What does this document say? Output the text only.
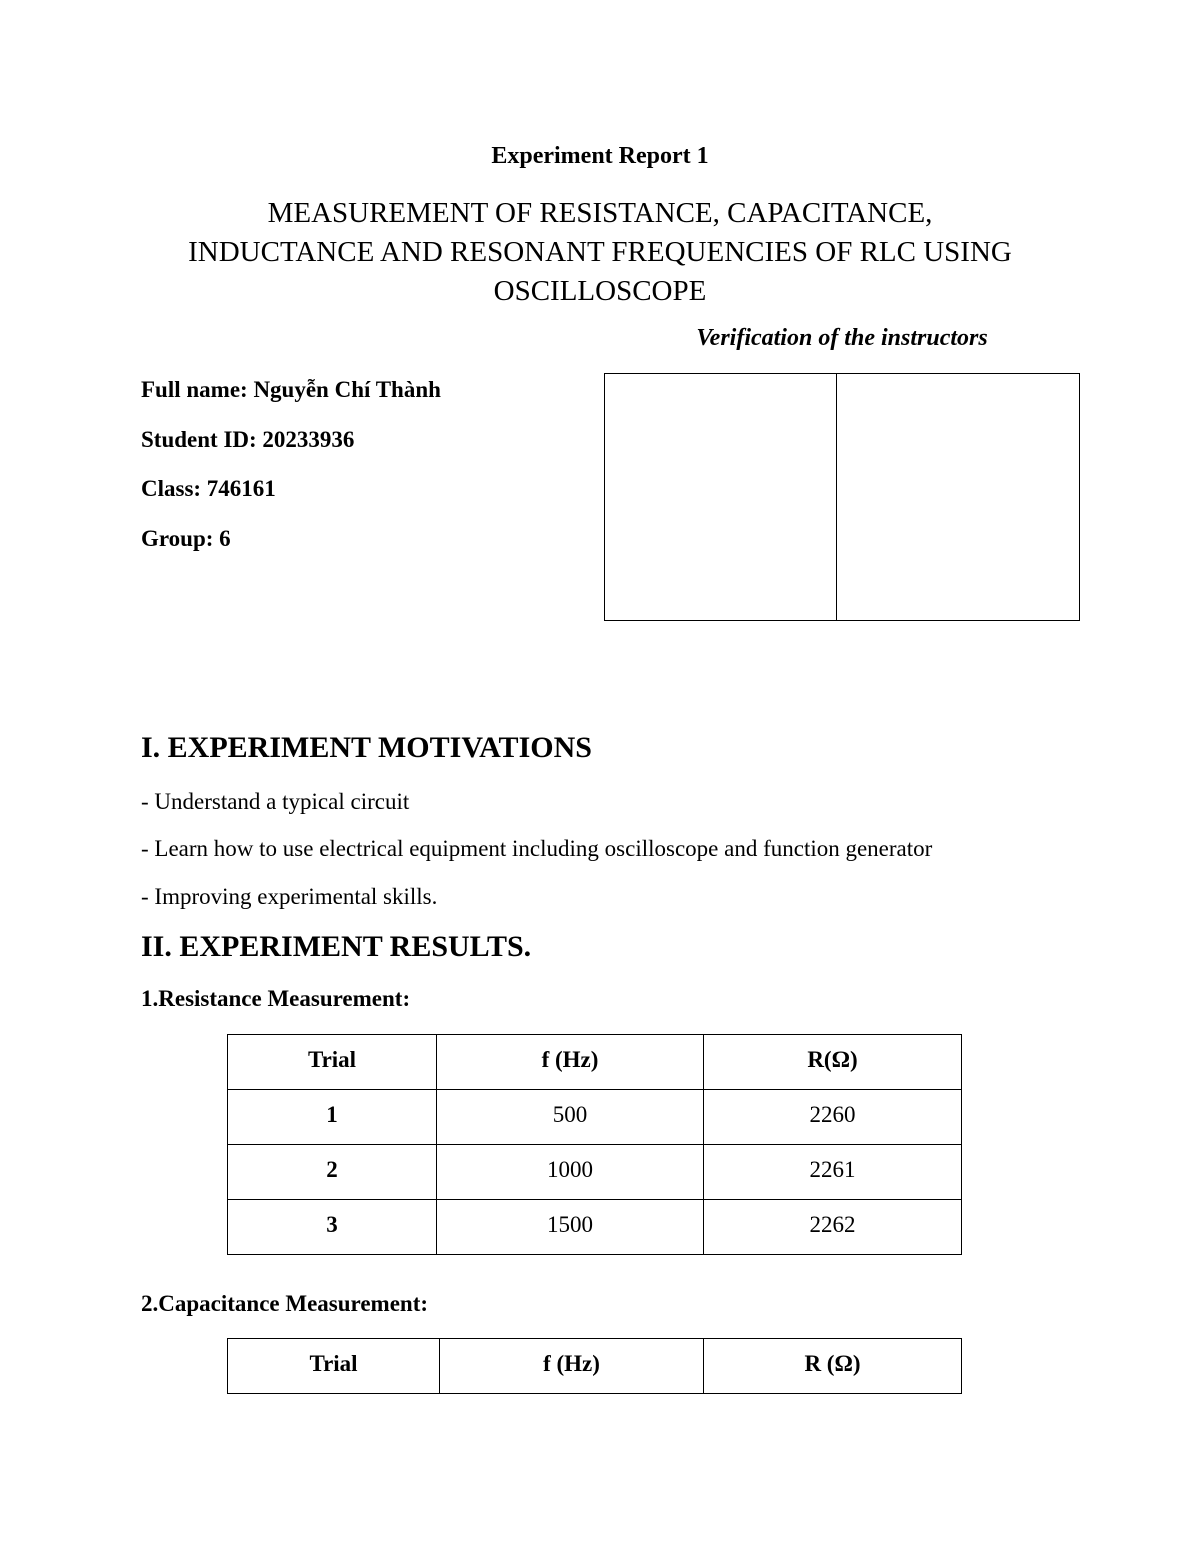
Experiment Report 1
MEASUREMENT OF RESISTANCE, CAPACITANCE,
INDUCTANCE AND RESONANT FREQUENCIES OF RLC USING
OSCILLOSCOPE
Verification of the instructors
Full name: Nguyễn Chí Thành
Student ID: 20233936
Class: 746161
Group: 6
I. EXPERIMENT MOTIVATIONS
- Understand a typical circuit
- Learn how to use electrical equipment including oscilloscope and function generator
- Improving experimental skills.
II. EXPERIMENT RESULTS.
1.Resistance Measurement:
Trial	f (Hz)	R(Ω)
1	500	2260
2	1000	2261
3	1500	2262
2.Capacitance Measurement:
Trial	f (Hz)	R (Ω)
